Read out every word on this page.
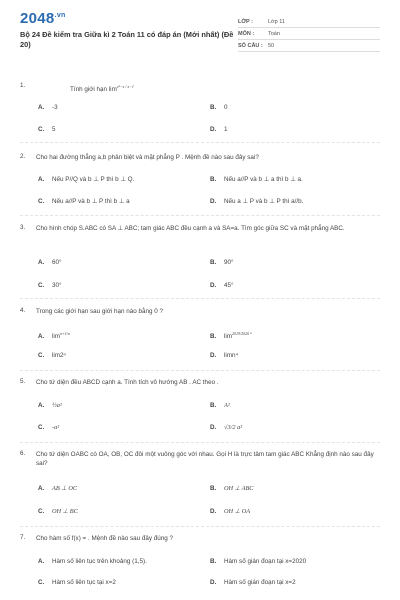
$2048^{.vn}$
Bộ 24 Đề kiểm tra Giữa kì 2 Toán 11 có đáp án (Mới nhất) (Đề 20)
LỚP :	Lớp 11
MÔN :	Toán
SỐ CÂU : 50
1.
Tính giới hạn $\lim^{x^2-x / x-1}$
A. -3	B. 0
C. 5	D. 1
2. Cho hai đường thẳng a,b phân biệt và mặt phẳng P . Mệnh đề nào sau đây sai?
A. Nếu P//Q và b ⊥ P thì b ⊥ Q.	B. Nếu a//P và b ⊥ a thì b ⊥ a.
C. Nếu a//P và b ⊥ P thì b ⊥ a	D. Nếu a ⊥ P và b ⊥ P thì a//b.
3. Cho hình chóp S.ABC có SA ⊥ ABC; tam giác ABC đều cạnh a và SA=a. Tìm góc giữa SC và mặt phẳng ABC.
A. 60°	B. 90°
C. 30°	D. 45°
4. Trong các giới hạn sau giới hạn nào bằng 0 ?
A. $\lim^{n+1/n}$	B. $\lim^{2019/2020 ^n}$
C. lim2ⁿ	D. limn⁴
5. Cho tứ diện đều ABCD cạnh a. Tính tích vô hướng AB . AC theo .
A. ½a²	B. A²
C. -a²	D. √3/2 a²
6. Cho tứ diện OABC có OA, OB, OC đôi một vuông góc với nhau. Gọi H là trực tâm tam giác ABC Khẳng định nào sau đây sai?
A. AB ⊥ OC	B. OH ⊥ ABC
C. OH ⊥ BC	D. OH ⊥ OA
7. Cho hàm số f(x) = . Mệnh đề nào sau đây đúng ?
A. Hàm số liên tục trên khoảng (1,5).	B. Hàm số gián đoạn tại x=2020
C. Hàm số liên tục tại x=2	D. Hàm số gián đoạn tại x=2
